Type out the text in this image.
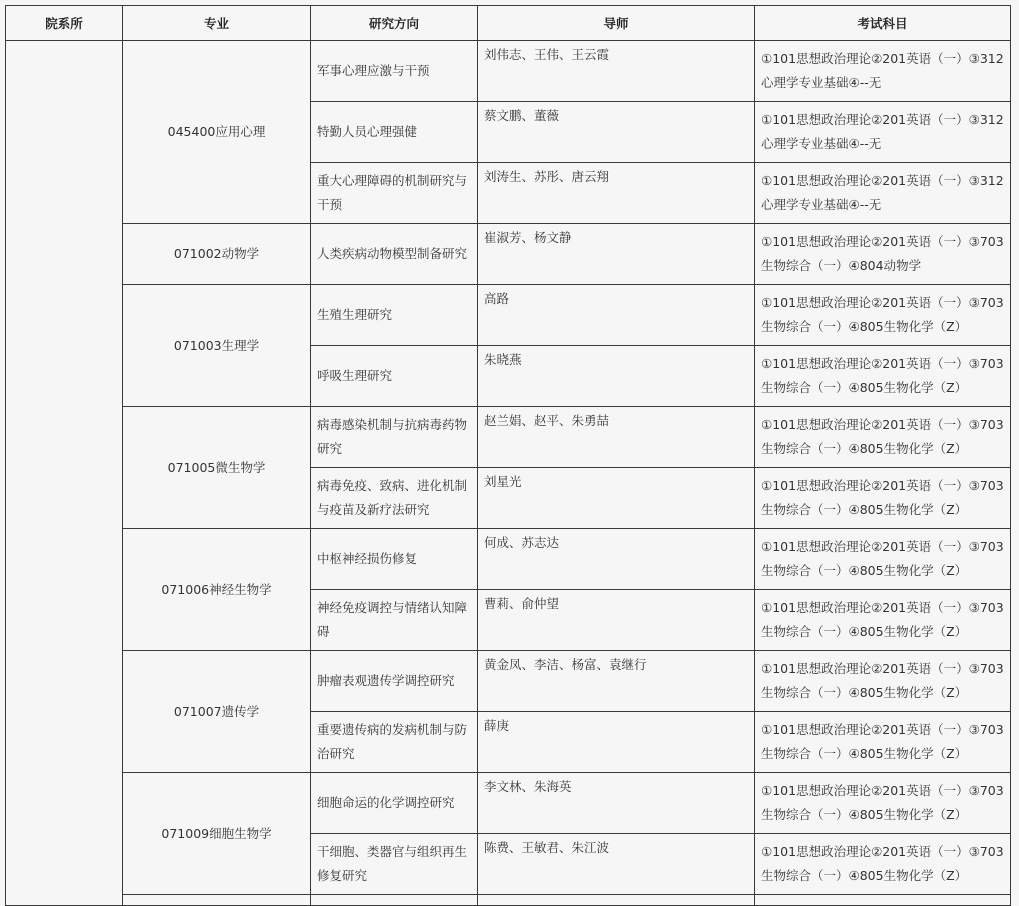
院系所	专业	研究方向	导师	考试科目
	045400应用心理	军事心理应激与干预	刘伟志、王伟、王云霞	①101思想政治理论②201英语（一）③312心理学专业基础④--无
		特勤人员心理强健	蔡文鹏、董薇	①101思想政治理论②201英语（一）③312心理学专业基础④--无
		重大心理障碍的机制研究与干预	刘涛生、苏彤、唐云翔	①101思想政治理论②201英语（一）③312心理学专业基础④--无
	071002动物学	人类疾病动物模型制备研究	崔淑芳、杨文静	①101思想政治理论②201英语（一）③703生物综合（一）④804动物学
	071003生理学	生殖生理研究	高路	①101思想政治理论②201英语（一）③703生物综合（一）④805生物化学（Z）
		呼吸生理研究	朱晓燕	①101思想政治理论②201英语（一）③703生物综合（一）④805生物化学（Z）
	071005微生物学	病毒感染机制与抗病毒药物研究	赵兰娟、赵平、朱勇喆	①101思想政治理论②201英语（一）③703生物综合（一）④805生物化学（Z）
		病毒免疫、致病、进化机制与疫苗及新疗法研究	刘星光	①101思想政治理论②201英语（一）③703生物综合（一）④805生物化学（Z）
	071006神经生物学	中枢神经损伤修复	何成、苏志达	①101思想政治理论②201英语（一）③703生物综合（一）④805生物化学（Z）
		神经免疫调控与情绪认知障碍	曹莉、俞仲望	①101思想政治理论②201英语（一）③703生物综合（一）④805生物化学（Z）
	071007遗传学	肿瘤表观遗传学调控研究	黄金凤、李洁、杨富、袁继行	①101思想政治理论②201英语（一）③703生物综合（一）④805生物化学（Z）
		重要遗传病的发病机制与防治研究	薛庚	①101思想政治理论②201英语（一）③703生物综合（一）④805生物化学（Z）
	071009细胞生物学	细胞命运的化学调控研究	李文林、朱海英	①101思想政治理论②201英语（一）③703生物综合（一）④805生物化学（Z）
		干细胞、类器官与组织再生修复研究	陈费、王敏君、朱江波	①101思想政治理论②201英语（一）③703生物综合（一）④805生物化学（Z）
